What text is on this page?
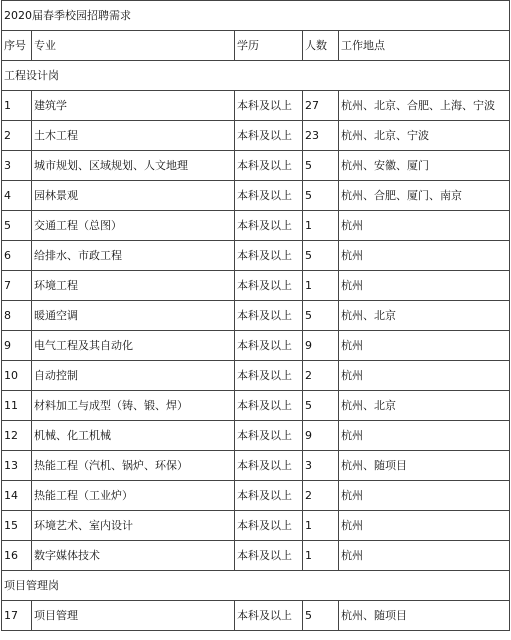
2020届春季校园招聘需求				
序号	专业	学历	人数	工作地点
工程设计岗				
1	建筑学	本科及以上	27	杭州、北京、合肥、上海、宁波
2	土木工程	本科及以上	23	杭州、北京、宁波
3	城市规划、区域规划、人文地理	本科及以上	5	杭州、安徽、厦门
4	园林景观	本科及以上	5	杭州、合肥、厦门、南京
5	交通工程（总图）	本科及以上	1	杭州
6	给排水、市政工程	本科及以上	5	杭州
7	环境工程	本科及以上	1	杭州
8	暖通空调	本科及以上	5	杭州、北京
9	电气工程及其自动化	本科及以上	9	杭州
10	自动控制	本科及以上	2	杭州
11	材料加工与成型（铸、锻、焊）	本科及以上	5	杭州、北京
12	机械、化工机械	本科及以上	9	杭州
13	热能工程（汽机、锅炉、环保）	本科及以上	3	杭州、随项目
14	热能工程（工业炉）	本科及以上	2	杭州
15	环境艺术、室内设计	本科及以上	1	杭州
16	数字媒体技术	本科及以上	1	杭州
项目管理岗				
17	项目管理	本科及以上	5	杭州、随项目
